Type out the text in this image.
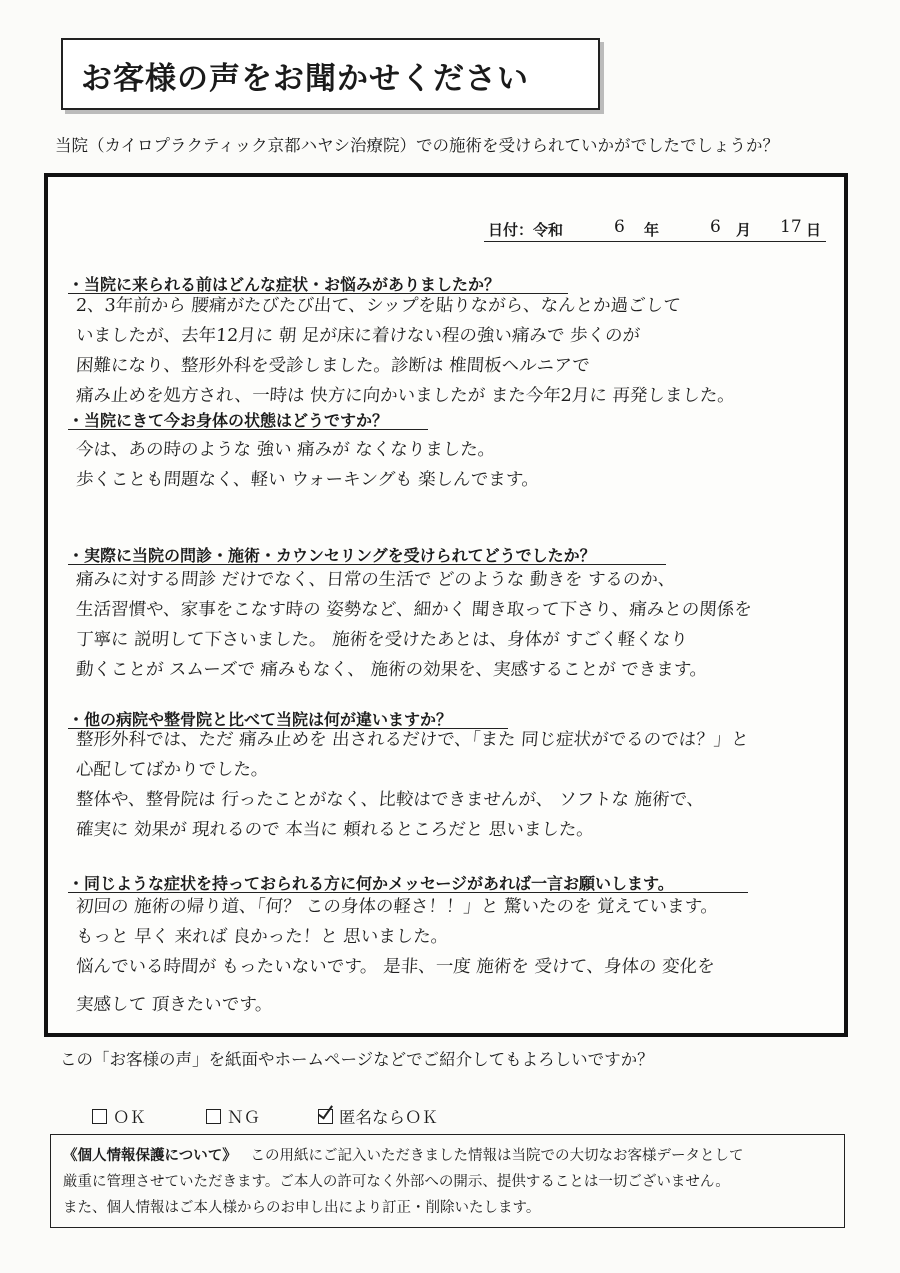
お客様の声をお聞かせください
当院（カイロプラクティック京都ハヤシ治療院）での施術を受けられていかがでしたでしょうか？
日付：令和	6 年	6 月 17 日
・当院に来られる前はどんな症状・お悩みがありましたか？
2、3年前から 腰痛がたびたび出て、シップを貼りながら、なんとか過ごして
いましたが、去年12月に 朝 足が床に着けない程の強い痛みで 歩くのが
困難になり、整形外科を受診しました。診断は 椎間板ヘルニアで
痛み止めを処方され、一時は 快方に向かいましたが また今年2月に 再発しました。
・当院にきて今お身体の状態はどうですか？
今は、あの時のような 強い 痛みが なくなりました。
歩くことも問題なく、軽い ウォーキングも 楽しんでます。
・実際に当院の問診・施術・カウンセリングを受けられてどうでしたか？
痛みに対する問診 だけでなく、日常の生活で どのような 動きを するのか、
生活習慣や、家事をこなす時の 姿勢など、細かく 聞き取って下さり、痛みとの関係を
丁寧に 説明して下さいました。 施術を受けたあとは、身体が すごく軽くなり
動くことが スムーズで 痛みもなく、 施術の効果を、実感することが できます。
・他の病院や整骨院と比べて当院は何が違いますか？
整形外科では、ただ 痛み止めを 出されるだけで、「また 同じ症状がでるのでは？」と
心配してばかりでした。
整体や、整骨院は 行ったことがなく、比較はできませんが、 ソフトな 施術で、
確実に 効果が 現れるので 本当に 頼れるところだと 思いました。
・同じような症状を持っておられる方に何かメッセージがあれば一言お願いします。
初回の 施術の帰り道、「何？ この身体の軽さ！！」と 驚いたのを 覚えています。
もっと 早く 来れば 良かった！と 思いました。
悩んでいる時間が もったいないです。 是非、一度 施術を 受けて、身体の 変化を
実感して 頂きたいです。
この「お客様の声」を紙面やホームページなどでご紹介してもよろしいですか？
ＯＫ	ＮＧ	匿名ならＯＫ
《個人情報保護について》 この用紙にご記入いただきました情報は当院での大切なお客様データとして
厳重に管理させていただきます。ご本人の許可なく外部への開示、提供することは一切ございません。
また、個人情報はご本人様からのお申し出により訂正・削除いたします。
